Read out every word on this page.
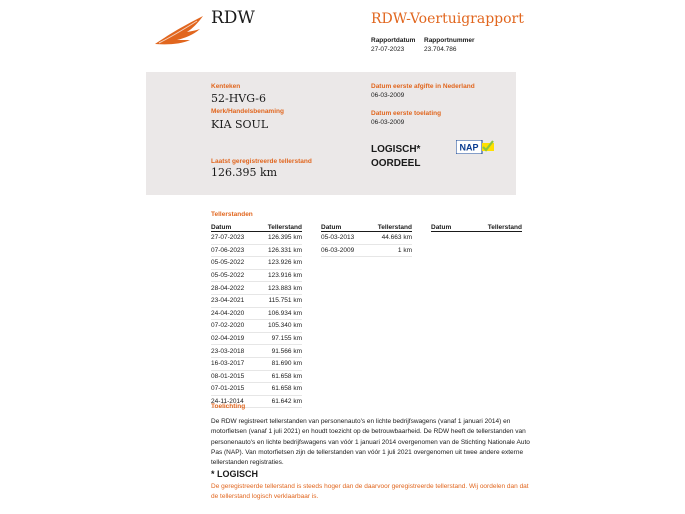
RDW	RDW-Voertuigrapport
Rapportdatum
27-07-2023
Rapportnummer
23.704.786
Kenteken
52-HVG-6
Merk/Handelsbenaming
KIA SOUL
Laatst geregistreerde tellerstand
126.395 km
Datum eerste afgifte in Nederland
06-03-2009
Datum eerste toelating
06-03-2009
LOGISCH*
OORDEEL
NAP
Tellerstanden
Datum	Tellerstand
27-07-2023	126.395 km
07-06-2023	126.331 km
05-05-2022	123.926 km
05-05-2022	123.916 km
28-04-2022	123.883 km
23-04-2021	115.751 km
24-04-2020	106.934 km
07-02-2020	105.340 km
02-04-2019	97.155 km
23-03-2018	91.566 km
16-03-2017	81.690 km
08-01-2015	61.658 km
07-01-2015	61.658 km
24-11-2014	61.642 km
Datum	Tellerstand
05-03-2013	44.663 km
06-03-2009	1 km
Datum	Tellerstand
Toelichting
De RDW registreert tellerstanden van personenauto's en lichte bedrijfswagens (vanaf 1 januari 2014) en motorfietsen (vanaf 1 juli 2021) en houdt toezicht op de betrouwbaarheid. De RDW heeft de tellerstanden van personenauto's en lichte bedrijfswagens van vóór 1 januari 2014 overgenomen van de Stichting Nationale Auto Pas (NAP). Van motorfietsen zijn de tellerstanden van vóór 1 juli 2021 overgenomen uit twee andere externe tellerstanden registraties.
* LOGISCH
De geregistreerde tellerstand is steeds hoger dan de daarvoor geregistreerde tellerstand. Wij oordelen dan dat de tellerstand logisch verklaarbaar is.
